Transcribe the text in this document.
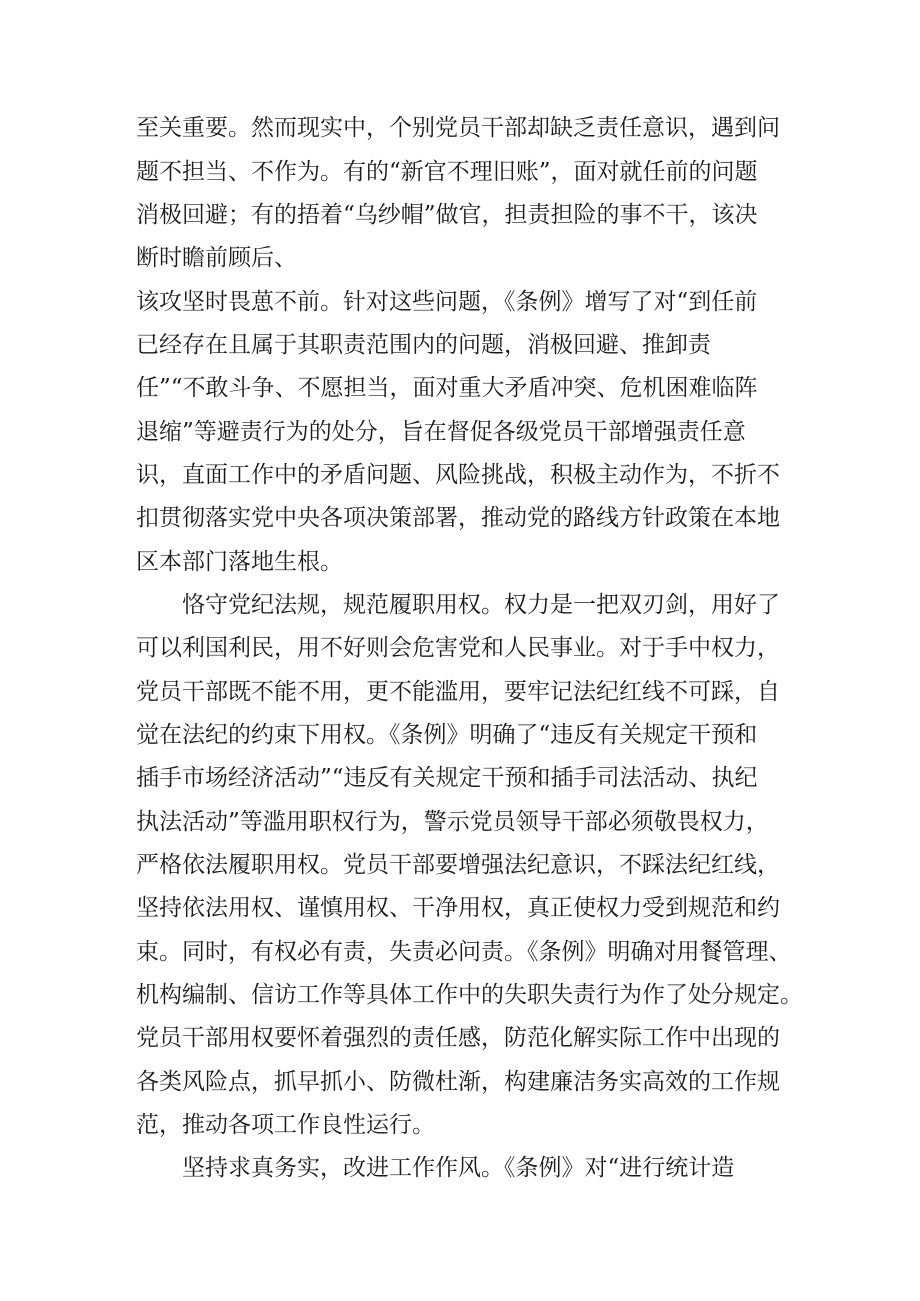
至关重要。然而现实中，个别党员干部却缺乏责任意识，遇到问

题不担当、不作为。有的“新官不理旧账”，面对就任前的问题

消极回避；有的捂着“乌纱帽”做官，担责担险的事不干，该决

断时瞻前顾后、

该攻坚时畏葸不前。针对这些问题，《条例》增写了对“到任前

已经存在且属于其职责范围内的问题，消极回避、推卸责

任”“不敢斗争、不愿担当，面对重大矛盾冲突、危机困难临阵

退缩”等避责行为的处分，旨在督促各级党员干部增强责任意

识，直面工作中的矛盾问题、风险挑战，积极主动作为，不折不

扣贯彻落实党中央各项决策部署，推动党的路线方针政策在本地

区本部门落地生根。

恪守党纪法规，规范履职用权。权力是一把双刃剑，用好了

可以利国利民，用不好则会危害党和人民事业。对于手中权力，

党员干部既不能不用，更不能滥用，要牢记法纪红线不可踩，自

觉在法纪的约束下用权。《条例》明确了“违反有关规定干预和

插手市场经济活动”“违反有关规定干预和插手司法活动、执纪

执法活动”等滥用职权行为，警示党员领导干部必须敬畏权力，

严格依法履职用权。党员干部要增强法纪意识，不踩法纪红线，

坚持依法用权、谨慎用权、干净用权，真正使权力受到规范和约

束。同时，有权必有责，失责必问责。《条例》明确对用餐管理、

机构编制、信访工作等具体工作中的失职失责行为作了处分规定。

党员干部用权要怀着强烈的责任感，防范化解实际工作中出现的

各类风险点，抓早抓小、防微杜渐，构建廉洁务实高效的工作规

范，推动各项工作良性运行。

坚持求真务实，改进工作作风。《条例》对“进行统计造
